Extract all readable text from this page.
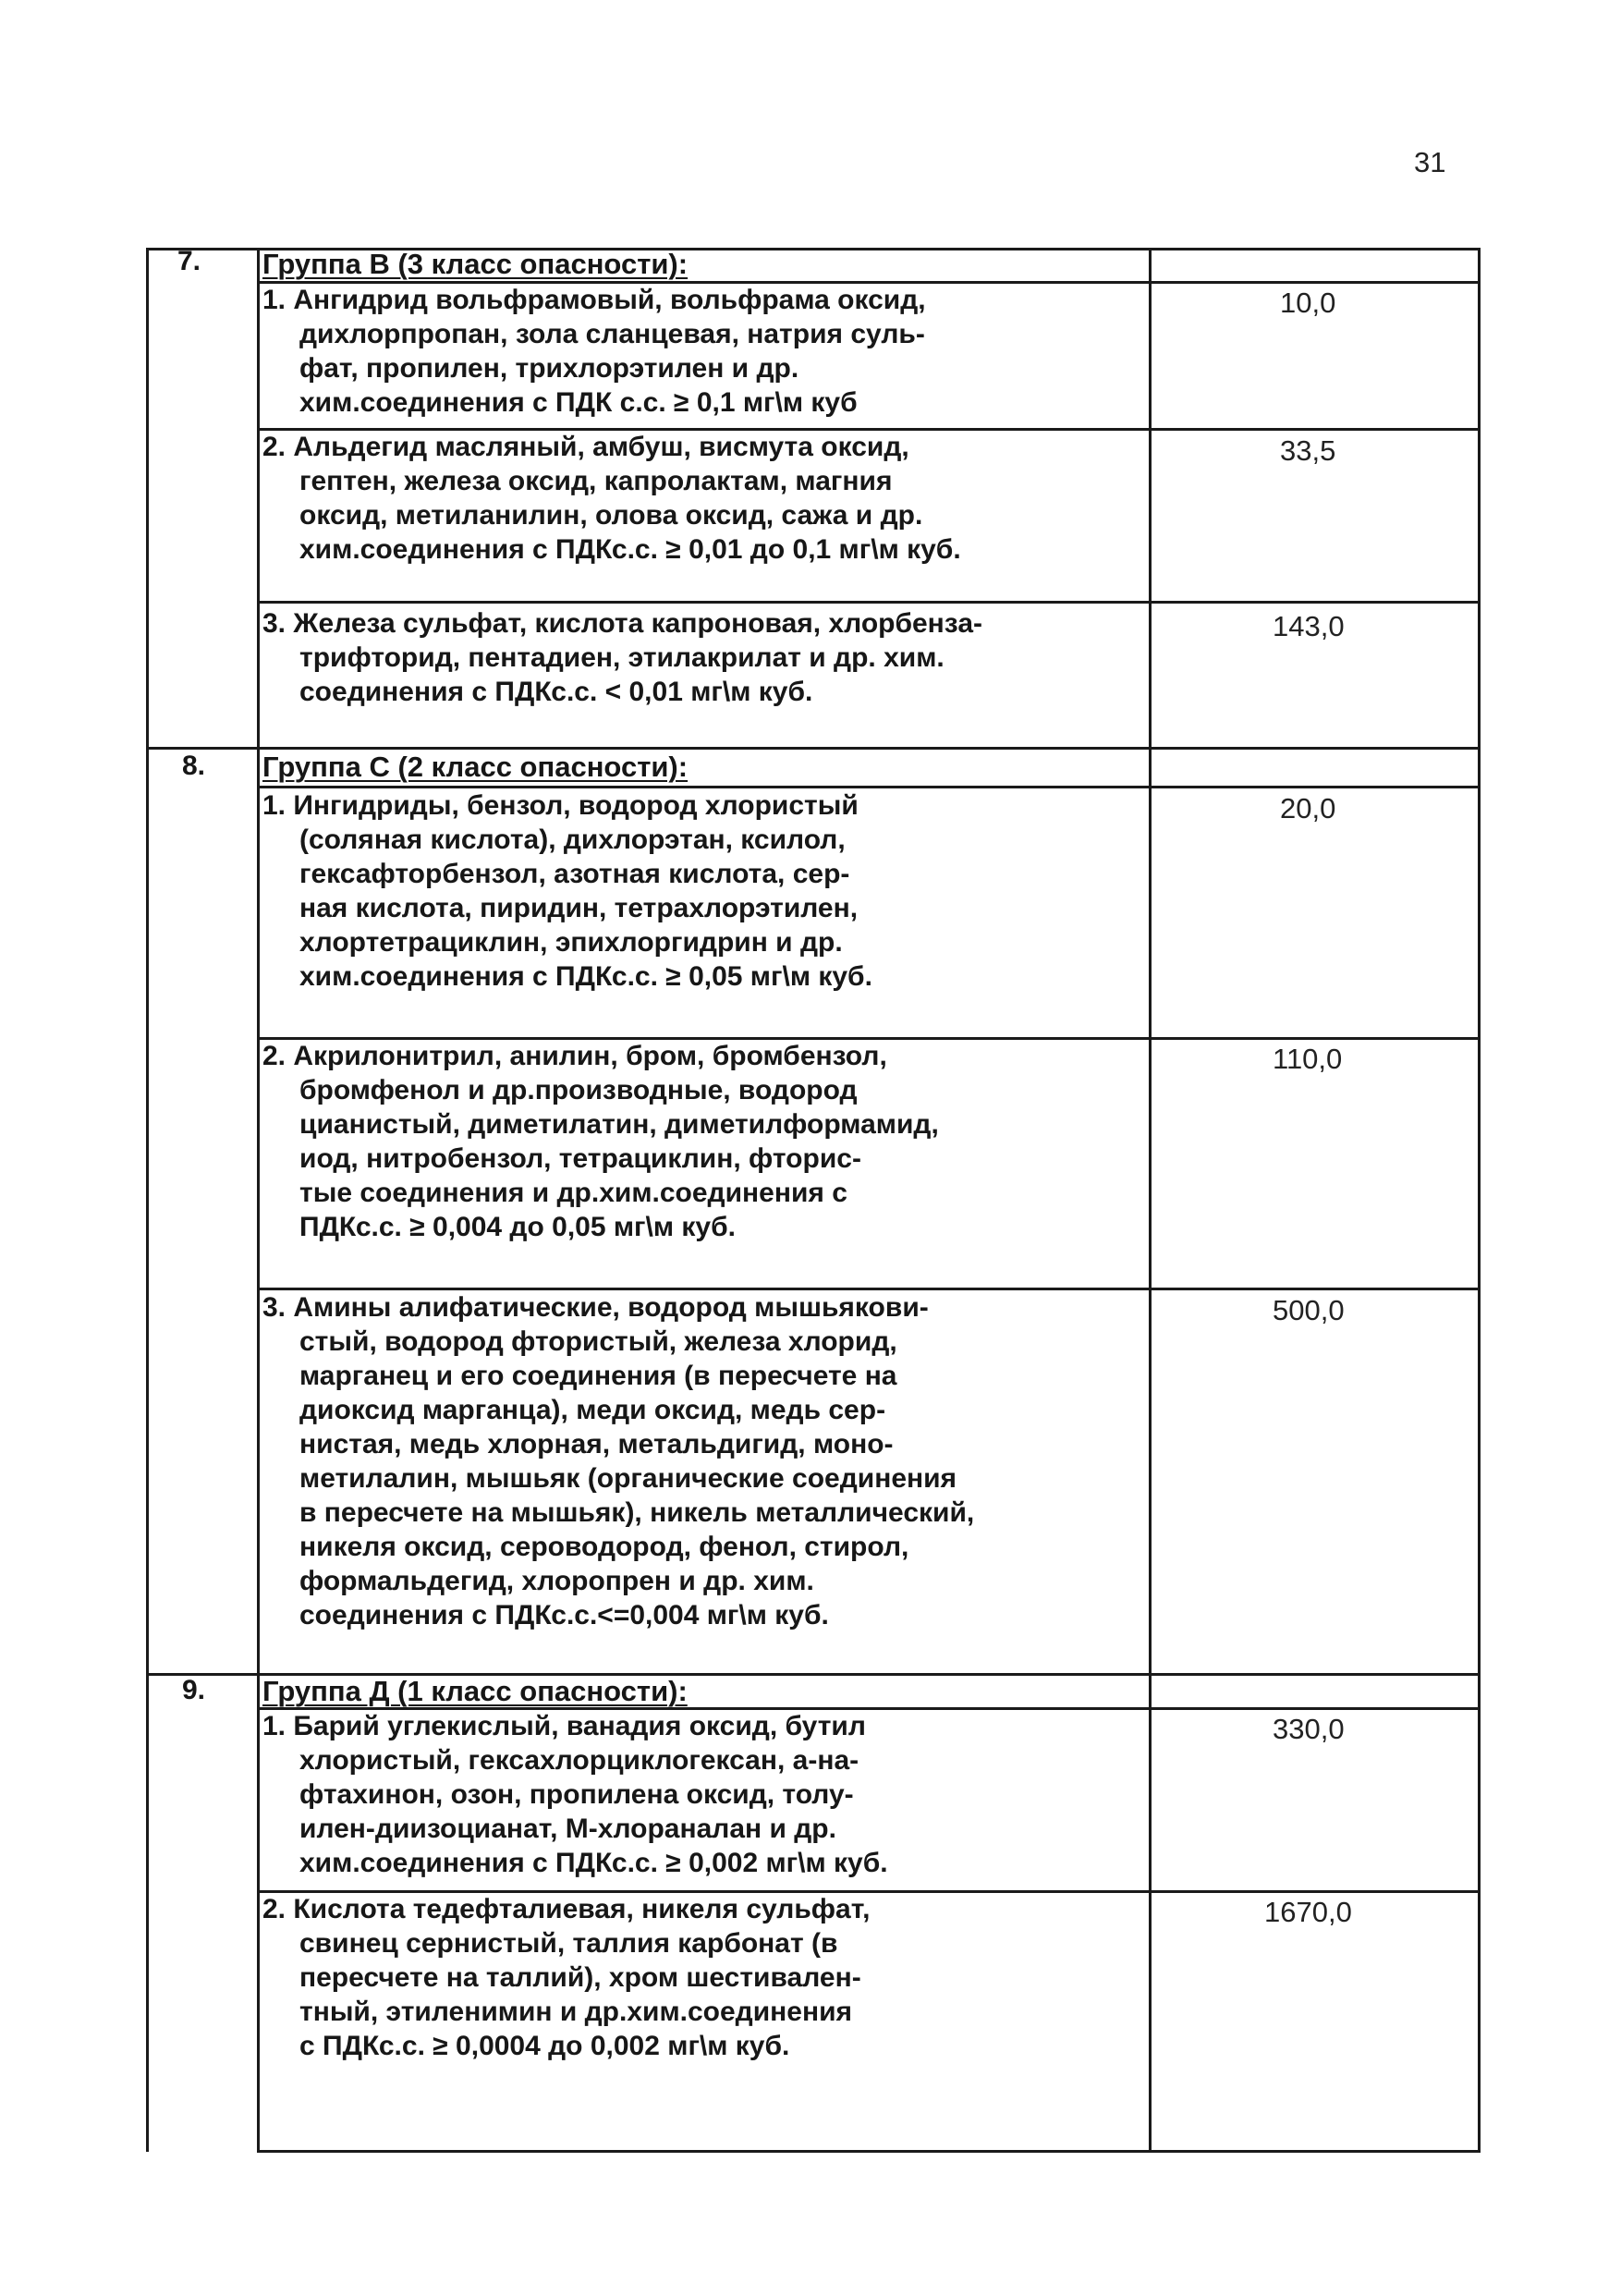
31
7. Группа В (3 класс опасности):
1. Ангидрид вольфрамовый, вольфрама оксид,
дихлорпропан, зола сланцевая, натрия суль-
фат, пропилен, трихлорэтилен и др.
хим.соединения с ПДК с.с. ≥ 0,1 мг\м куб
10,0
2. Альдегид масляный, амбуш, висмута оксид,
гептен, железа оксид, капролактам, магния
оксид, метиланилин, олова оксид, сажа и др.
хим.соединения с ПДКс.с. ≥ 0,01 до 0,1 мг\м куб.
33,5
3. Железа сульфат, кислота капроновая, хлорбенза-
трифторид, пентадиен, этилакрилат и др. хим.
соединения с ПДКс.с. < 0,01 мг\м куб.
143,0
8. Группа С (2 класс опасности):
1. Ингидриды, бензол, водород хлористый
(соляная кислота), дихлорэтан, ксилол,
гексафторбензол, азотная кислота, сер-
ная кислота, пиридин, тетрахлорэтилен,
хлортетрациклин, эпихлоргидрин и др.
хим.соединения с ПДКс.с. ≥ 0,05 мг\м куб.
20,0
2. Акрилонитрил, анилин, бром, бромбензол,
бромфенол и др.производные, водород
цианистый, диметилатин, диметилформамид,
иод, нитробензол, тетрациклин, фторис-
тые соединения и др.хим.соединения с
ПДКс.с. ≥ 0,004 до 0,05 мг\м куб.
110,0
3. Амины алифатические, водород мышьякови-
стый, водород фтористый, железа хлорид,
марганец и его соединения (в пересчете на
диоксид марганца), меди оксид, медь сер-
нистая, медь хлорная, метальдигид, моно-
метилалин, мышьяк (органические соединения
в пересчете на мышьяк), никель металлический,
никеля оксид, сероводород, фенол, стирол,
формальдегид, хлоропрен и др. хим.
соединения с ПДКс.с.<=0,004 мг\м куб.
500,0
9. Группа Д (1 класс опасности):
1. Барий углекислый, ванадия оксид, бутил
хлористый, гексахлорциклогексан, а-на-
фтахинон, озон, пропилена оксид, толу-
илен-диизоцианат, М-хлораналан и др.
хим.соединения с ПДКс.с. ≥ 0,002 мг\м куб.
330,0
2. Кислота тедефталиевая, никеля сульфат,
свинец сернистый, таллия карбонат (в
пересчете на таллий), хром шестивален-
тный, этиленимин и др.хим.соединения
с ПДКс.с. ≥ 0,0004 до 0,002 мг\м куб.
1670,0
